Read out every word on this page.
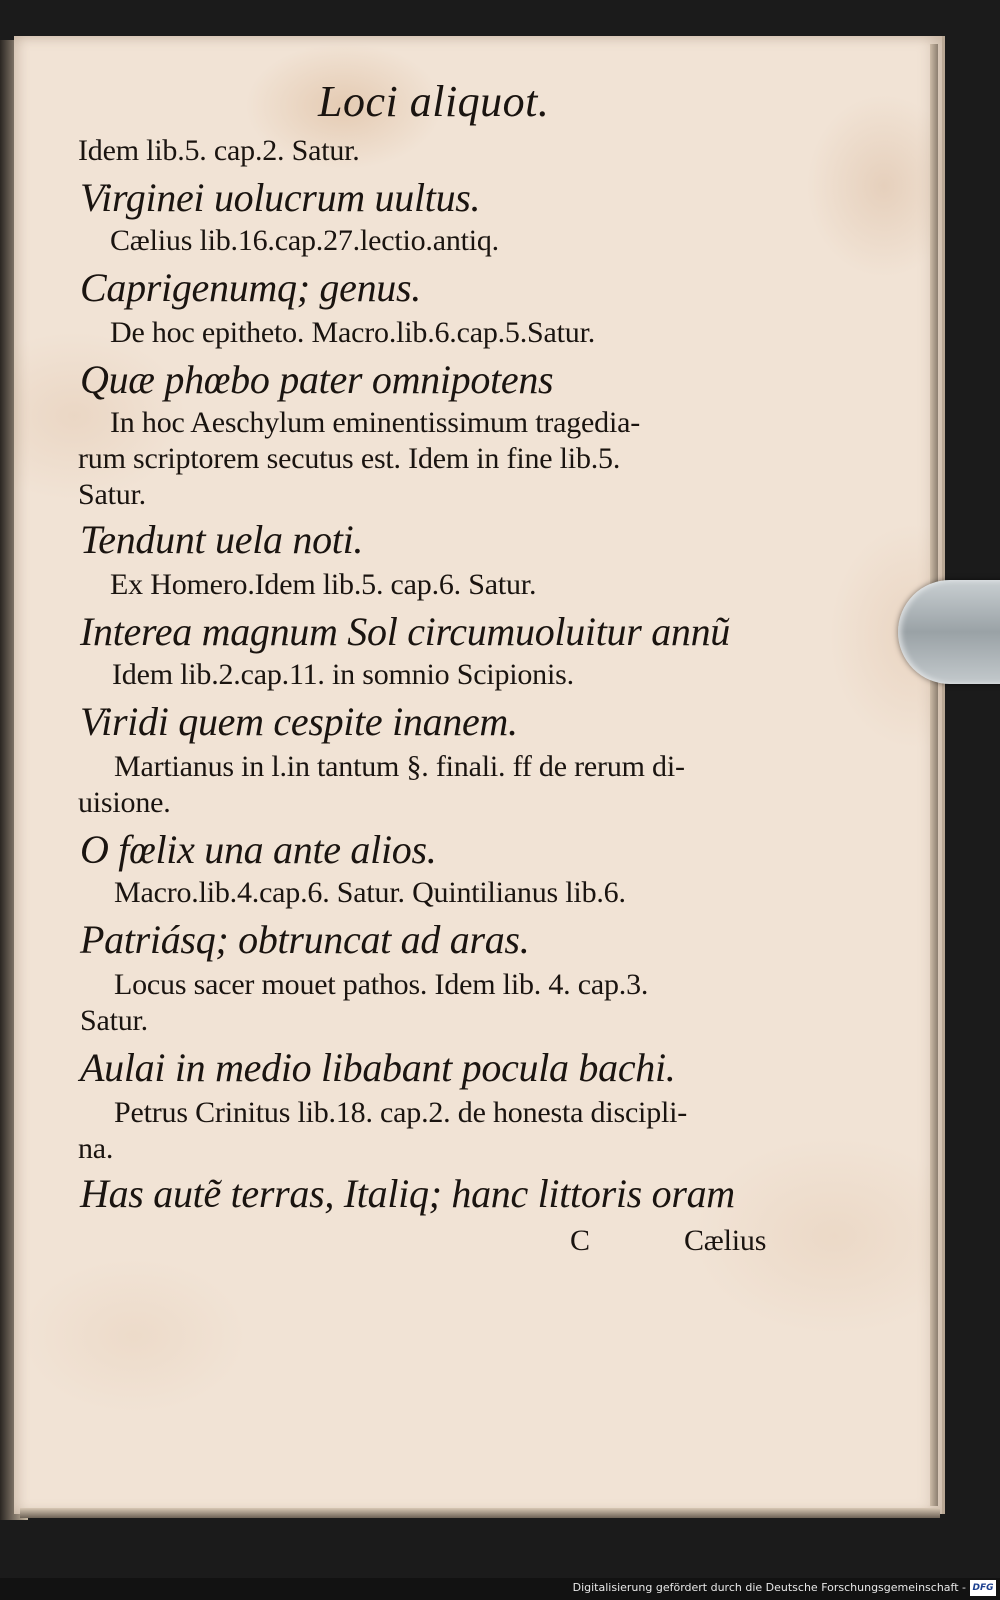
Loci aliquot.
Idem lib.5. cap.2. Satur.
Virginei uolucrum uultus.
Cælius lib.16.cap.27.lectio.antiq.
Caprigenumq; genus.
De hoc epitheto. Macro.lib.6.cap.5.Satur.
Quæ phœbo pater omnipotens
In hoc Aeschylum eminentissimum tragedia-
rum scriptorem secutus est. Idem in fine lib.5.
Satur.
Tendunt uela noti.
Ex Homero.Idem lib.5. cap.6. Satur.
Interea magnum Sol circumuoluitur annũ
Idem lib.2.cap.11. in somnio Scipionis.
Viridi quem cespite inanem.
Martianus in l.in tantum §. finali. ff de rerum di-
uisione.
O fœlix una ante alios.
Macro.lib.4.cap.6. Satur. Quintilianus lib.6.
Patriásq; obtruncat ad aras.
Locus sacer mouet pathos. Idem lib. 4. cap.3.
Satur.
Aulai in medio libabant pocula bachi.
Petrus Crinitus lib.18. cap.2. de honesta discipli-
na.
Has autẽ terras, Italiq; hanc littoris oram
C	Cælius
Digitalisierung gefördert durch die Deutsche Forschungsgemeinschaft - DFG
